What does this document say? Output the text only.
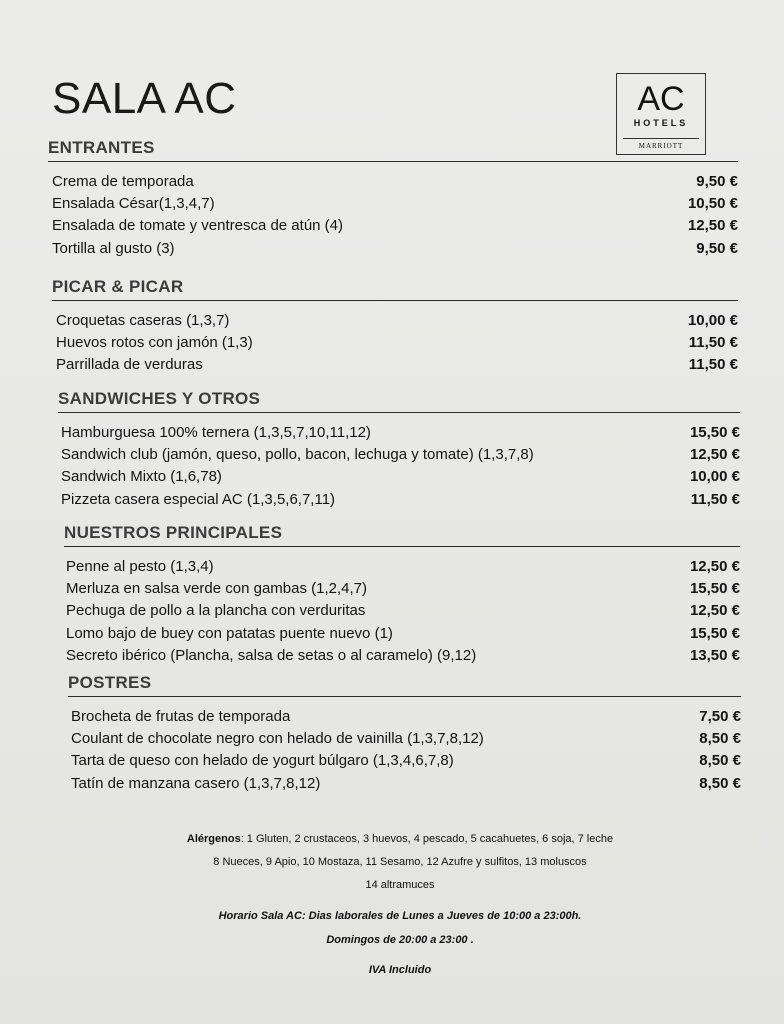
SALA AC	AC
HOTELS
MARRIOTT
ENTRANTES
Crema de temporada	9,50 €
Ensalada César(1,3,4,7)	10,50 €
Ensalada de tomate y ventresca de atún (4)	12,50 €
Tortilla al gusto (3)	9,50 €
PICAR & PICAR
Croquetas caseras (1,3,7)	10,00 €
Huevos rotos con jamón (1,3)	11,50 €
Parrillada de verduras	11,50 €
SANDWICHES Y OTROS
Hamburguesa 100% ternera (1,3,5,7,10,11,12)	15,50 €
Sandwich club (jamón, queso, pollo, bacon, lechuga y tomate) (1,3,7,8)	12,50 €
Sandwich Mixto (1,6,78)	10,00 €
Pizzeta casera especial AC (1,3,5,6,7,11)	11,50 €
NUESTROS PRINCIPALES
Penne al pesto (1,3,4)	12,50 €
Merluza en salsa verde con gambas (1,2,4,7)	15,50 €
Pechuga de pollo a la plancha con verduritas	12,50 €
Lomo bajo de buey con patatas puente nuevo (1)	15,50 €
Secreto ibérico (Plancha, salsa de setas o al caramelo) (9,12)	13,50 €
POSTRES
Brocheta de frutas de temporada	7,50 €
Coulant de chocolate negro con helado de vainilla (1,3,7,8,12)	8,50 €
Tarta de queso con helado de yogurt búlgaro (1,3,4,6,7,8)	8,50 €
Tatín de manzana casero (1,3,7,8,12)	8,50 €
Alérgenos: 1 Gluten, 2 crustaceos, 3 huevos, 4 pescado, 5 cacahuetes, 6 soja, 7 leche
8 Nueces, 9 Apio, 10 Mostaza, 11 Sesamo, 12 Azufre y sulfitos, 13 moluscos
14 altramuces
Horario Sala AC: Dias laborales de Lunes a Jueves de 10:00 a 23:00h.
Domingos de 20:00 a 23:00 .
IVA Incluido
